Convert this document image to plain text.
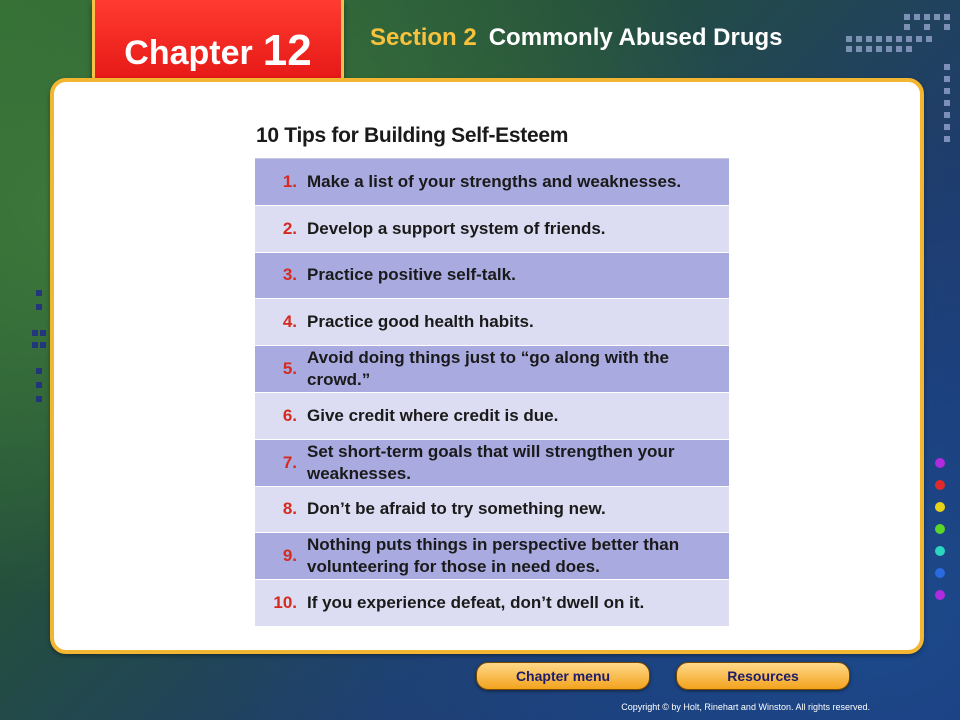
Chapter 12 Section 2 Commonly Abused Drugs
10 Tips for Building Self-Esteem
1. Make a list of your strengths and weaknesses.
2. Develop a support system of friends.
3. Practice positive self-talk.
4. Practice good health habits.
5.
Avoid doing things just to “go along with the crowd.”
6. Give credit where credit is due.
7.
Set short-term goals that will strengthen your weaknesses.
8. Don’t be afraid to try something new.
9.
Nothing puts things in perspective better than volunteering for those in need does.
10. If you experience defeat, don’t dwell on it.
Chapter menu	Resources
Copyright © by Holt, Rinehart and Winston. All rights reserved.
